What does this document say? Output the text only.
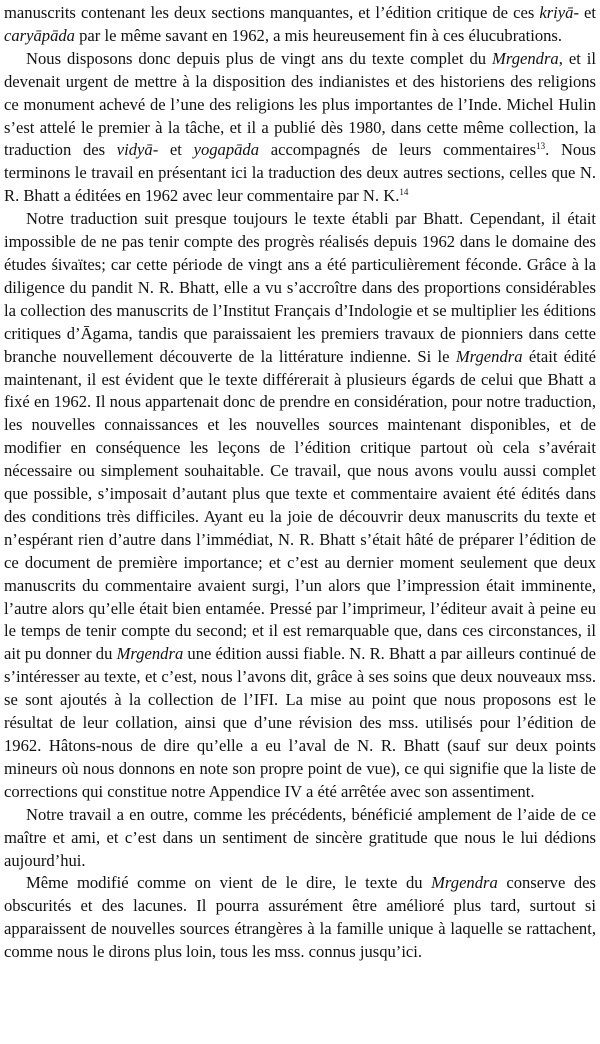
manuscrits contenant les deux sections manquantes, et l’édition critique de ces kriyā- et caryāpāda par le même savant en 1962, a mis heureusement fin à ces élucubrations.

Nous disposons donc depuis plus de vingt ans du texte complet du Mrgendra, et il devenait urgent de mettre à la disposition des indianistes et des historiens des religions ce monument achevé de l’une des religions les plus importantes de l’Inde. Michel Hulin s’est attelé le premier à la tâche, et il a publié dès 1980, dans cette même collection, la traduction des vidyā- et yogapāda accompagnés de leurs commentaires$^{13}$. Nous terminons le travail en présentant ici la traduction des deux autres sections, celles que N. R. Bhatt a éditées en 1962 avec leur commentaire par N. K.$^{14}$

Notre traduction suit presque toujours le texte établi par Bhatt. Cependant, il était impossible de ne pas tenir compte des progrès réalisés depuis 1962 dans le domaine des études śivaïtes; car cette période de vingt ans a été particulièrement féconde. Grâce à la diligence du pandit N. R. Bhatt, elle a vu s’accroître dans des proportions considérables la collection des manuscrits de l’Institut Français d’Indologie et se multiplier les éditions critiques d’Āgama, tandis que paraissaient les premiers travaux de pionniers dans cette branche nouvellement découverte de la littérature indienne. Si le Mrgendra était édité maintenant, il est évident que le texte différerait à plusieurs égards de celui que Bhatt a fixé en 1962. Il nous appartenait donc de prendre en considération, pour notre traduction, les nouvelles connaissances et les nouvelles sources maintenant disponibles, et de modifier en conséquence les leçons de l’édition critique partout où cela s’avérait nécessaire ou simplement souhaitable. Ce travail, que nous avons voulu aussi complet que possible, s’imposait d’autant plus que texte et commentaire avaient été édités dans des conditions très difficiles. Ayant eu la joie de découvrir deux manuscrits du texte et n’espérant rien d’autre dans l’immédiat, N. R. Bhatt s’était hâté de préparer l’édition de ce document de première importance; et c’est au dernier moment seulement que deux manuscrits du commentaire avaient surgi, l’un alors que l’impression était imminente, l’autre alors qu’elle était bien entamée. Pressé par l’imprimeur, l’éditeur avait à peine eu le temps de tenir compte du second; et il est remarquable que, dans ces circonstances, il ait pu donner du Mrgendra une édition aussi fiable. N. R. Bhatt a par ailleurs continué de s’intéresser au texte, et c’est, nous l’avons dit, grâce à ses soins que deux nouveaux mss. se sont ajoutés à la collection de l’IFI. La mise au point que nous proposons est le résultat de leur collation, ainsi que d’une révision des mss. utilisés pour l’édition de 1962. Hâtons-nous de dire qu’elle a eu l’aval de N. R. Bhatt (sauf sur deux points mineurs où nous donnons en note son propre point de vue), ce qui signifie que la liste de corrections qui constitue notre Appendice IV a été arrêtée avec son assentiment.

Notre travail a en outre, comme les précédents, bénéficié amplement de l’aide de ce maître et ami, et c’est dans un sentiment de sincère gratitude que nous le lui dédions aujourd’hui.

Même modifié comme on vient de le dire, le texte du Mrgendra conserve des obscurités et des lacunes. Il pourra assurément être amélioré plus tard, surtout si apparaissent de nouvelles sources étrangères à la famille unique à laquelle se rattachent, comme nous le dirons plus loin, tous les mss. connus jusqu’ici.
